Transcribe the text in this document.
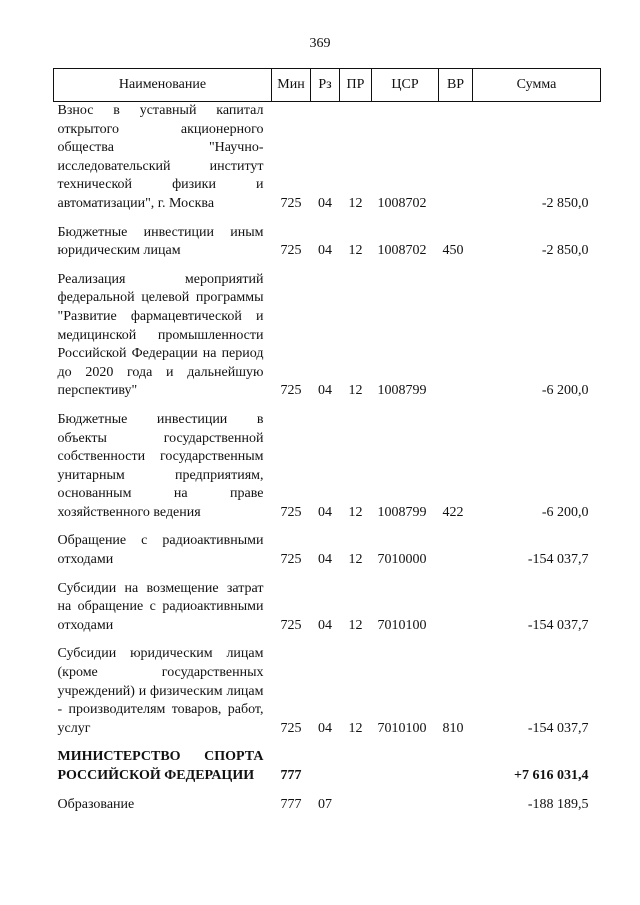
369
Наименование	Мин	Рз	ПР	ЦСР	ВР	Сумма
Взнос в уставный капитал открытого акционерного общества "Научно-исследовательский институт технической физики и автоматизации", г. Москва	725	04	12	1008702		-2 850,0
Бюджетные инвестиции иным юридическим лицам	725	04	12	1008702	450	-2 850,0
Реализация мероприятий федеральной целевой программы "Развитие фармацевтической и медицинской промышленности Российской Федерации на период до 2020 года и дальнейшую перспективу"	725	04	12	1008799		-6 200,0
Бюджетные инвестиции в объекты государственной собственности государственным унитарным предприятиям, основанным на праве хозяйственного ведения	725	04	12	1008799	422	-6 200,0
Обращение с радиоактивными отходами	725	04	12	7010000		-154 037,7
Субсидии на возмещение затрат на обращение с радиоактивными отходами	725	04	12	7010100		-154 037,7
Субсидии юридическим лицам (кроме государственных учреждений) и физическим лицам - производителям товаров, работ, услуг	725	04	12	7010100	810	-154 037,7
МИНИСТЕРСТВО СПОРТА РОССИЙСКОЙ ФЕДЕРАЦИИ	777					+7 616 031,4
Образование	777	07				-188 189,5
